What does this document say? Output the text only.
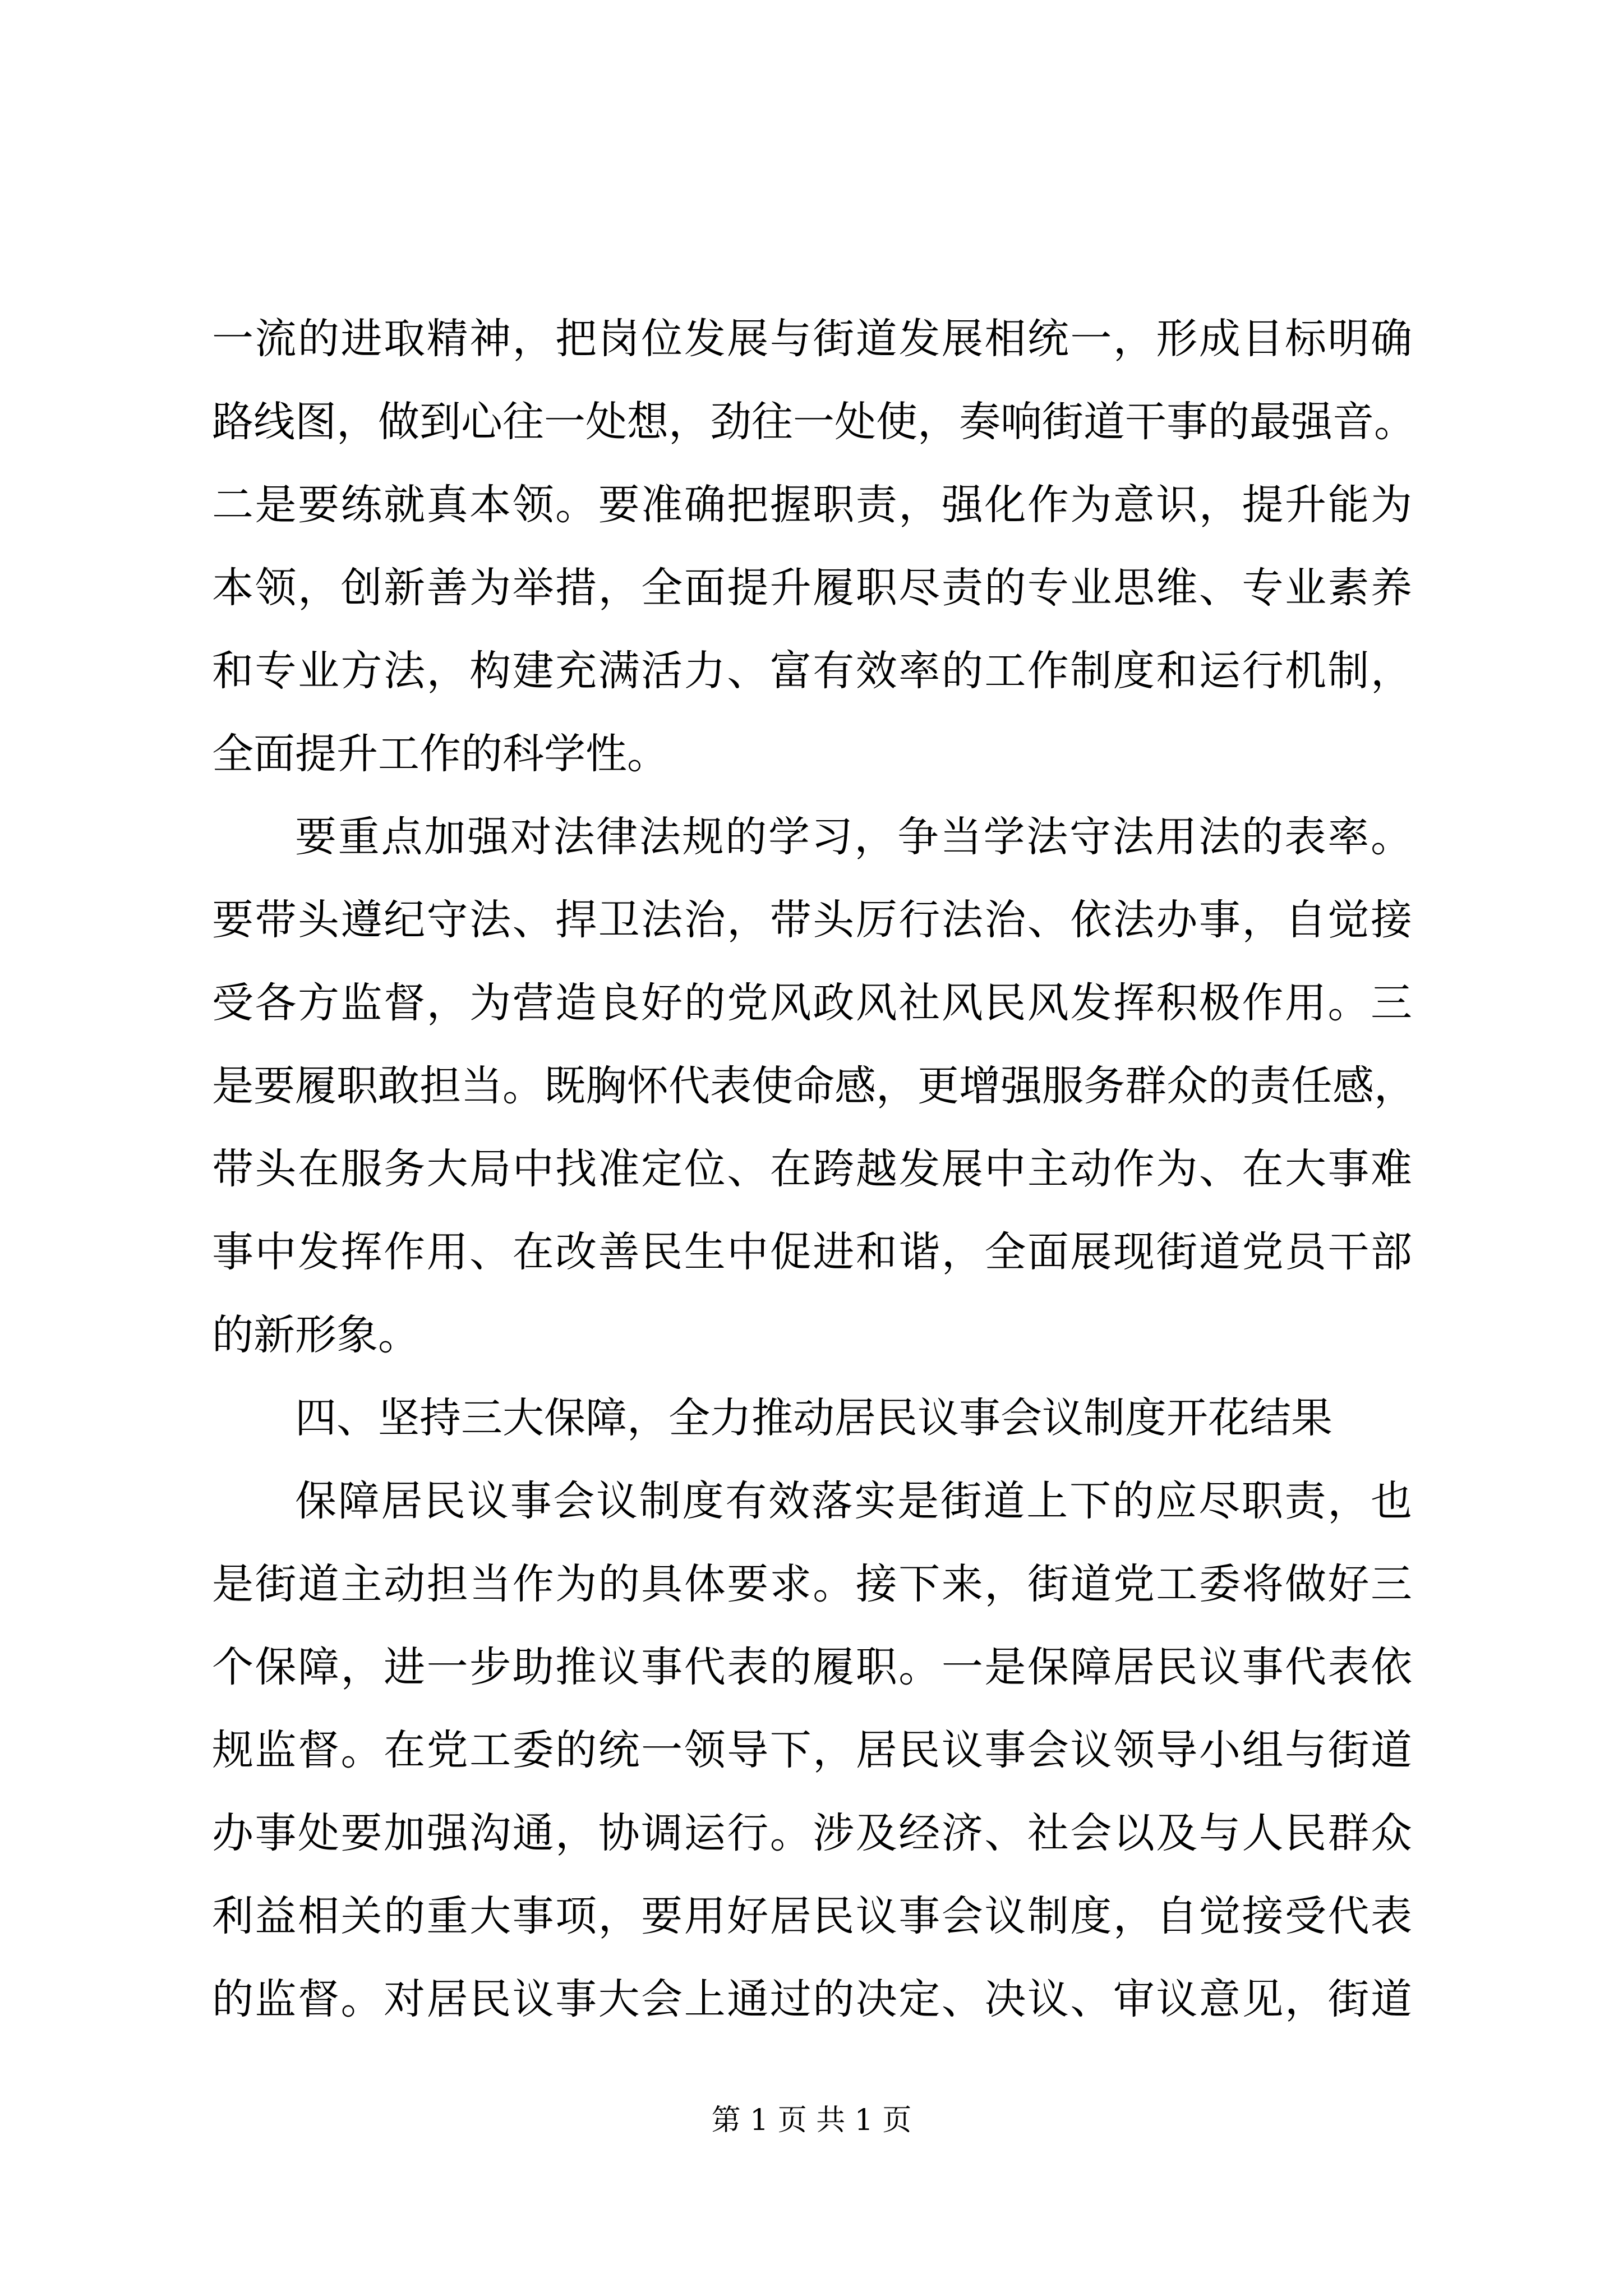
一流的进取精神，把岗位发展与街道发展相统一，形成目标明确
路线图，做到心往一处想，劲往一处使，奏响街道干事的最强音。
二是要练就真本领。要准确把握职责，强化作为意识，提升能为
本领，创新善为举措，全面提升履职尽责的专业思维、专业素养
和专业方法，构建充满活力、富有效率的工作制度和运行机制，
全面提升工作的科学性。
要重点加强对法律法规的学习，争当学法守法用法的表率。
要带头遵纪守法、捍卫法治，带头厉行法治、依法办事，自觉接
受各方监督，为营造良好的党风政风社风民风发挥积极作用。三
是要履职敢担当。既胸怀代表使命感，更增强服务群众的责任感，
带头在服务大局中找准定位、在跨越发展中主动作为、在大事难
事中发挥作用、在改善民生中促进和谐，全面展现街道党员干部
的新形象。
四、坚持三大保障，全力推动居民议事会议制度开花结果
保障居民议事会议制度有效落实是街道上下的应尽职责，也
是街道主动担当作为的具体要求。接下来，街道党工委将做好三
个保障，进一步助推议事代表的履职。一是保障居民议事代表依
规监督。在党工委的统一领导下，居民议事会议领导小组与街道
办事处要加强沟通，协调运行。涉及经济、社会以及与人民群众
利益相关的重大事项，要用好居民议事会议制度，自觉接受代表
的监督。对居民议事大会上通过的决定、决议、审议意见，街道
第 1 页 共 1 页
